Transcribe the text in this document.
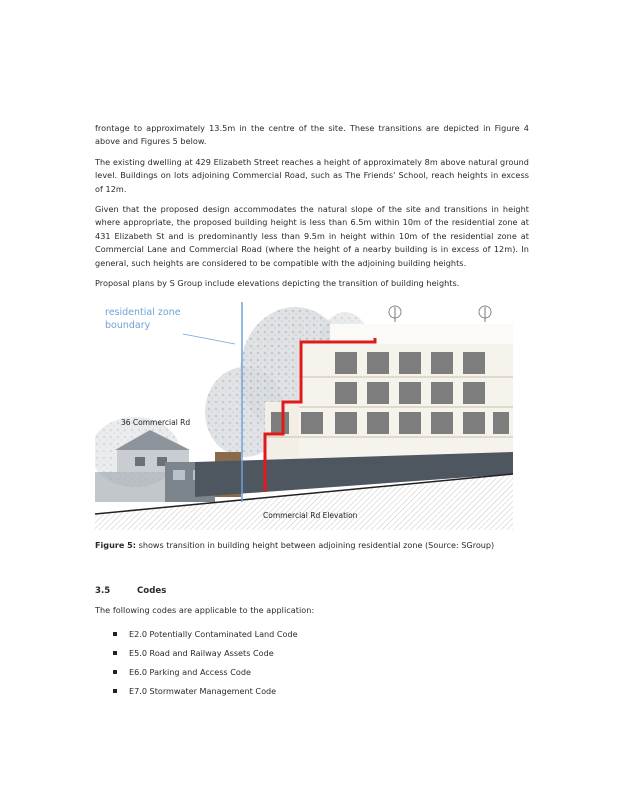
frontage to approximately 13.5m in the centre of the site. These transitions are depicted in Figure 4 above and Figures 5 below.

The existing dwelling at 429 Elizabeth Street reaches a height of approximately 8m above natural ground level. Buildings on lots adjoining Commercial Road, such as The Friends' School, reach heights in excess of 12m.

Given that the proposed design accommodates the natural slope of the site and transitions in height where appropriate, the proposed building height is less than 6.5m within 10m of the residential zone at 431 Elizabeth St and is predominantly less than 9.5m in height within 10m of the residential zone at Commercial Lane and Commercial Road (where the height of a nearby building is in excess of 12m). In general, such heights are considered to be compatible with the adjoining building heights.

Proposal plans by S Group include elevations depicting the transition of building heights.

residential zone
boundary
36 Commercial Rd
Commercial Rd Elevation
Figure 5: shows transition in building height between adjoining residential zone (Source: SGroup)
3.5	Codes

The following codes are applicable to the application:

E2.0 Potentially Contaminated Land Code
E5.0 Road and Railway Assets Code
E6.0 Parking and Access Code
E7.0 Stormwater Management Code
